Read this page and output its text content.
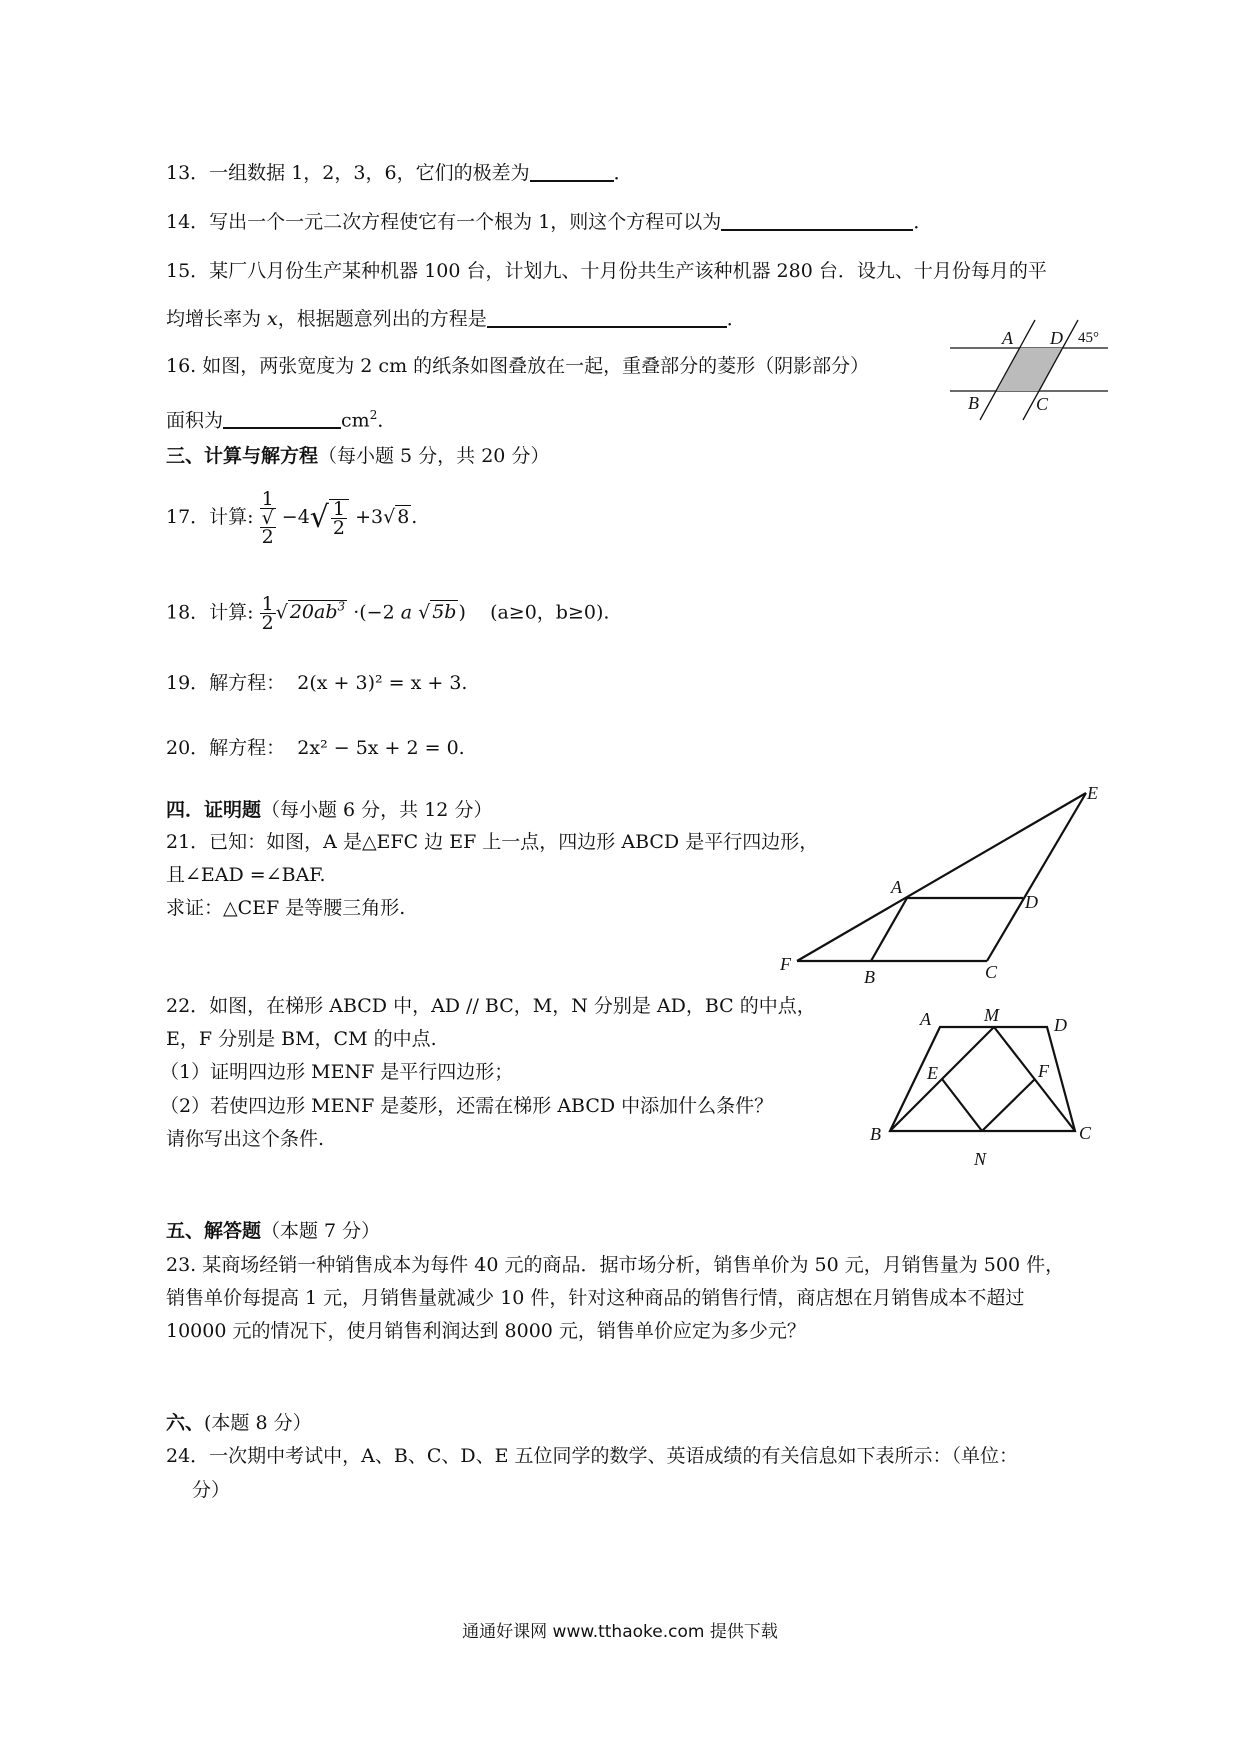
13．一组数据 1，2，3，6，它们的极差为	．
14．写出一个一元二次方程使它有一个根为 1，则这个方程可以为	．
15．某厂八月份生产某种机器 100 台，计划九、十月份共生产该种机器 280 台．设九、十月份每月的平
均增长率为 x，根据题意列出的方程是	．
16. 如图，两张宽度为 2 cm 的纸条如图叠放在一起，重叠部分的菱形（阴影部分）
面积为	$cm^2$．
A D 45°
B	C
三、计算与解方程（每小题 5 分，共 20 分）
17．计算: 1
√
$2 -4√ \frac{1}{2} +3√$ 8 .
18．计算: $\frac{1}{2}$ √ $20ab^3 \cdot(-2$ a √ 5b ) (a≥0，b≥0).
19．解方程： 2(x + 3)² = x + 3.
20．解方程： 2x² − 5x + 2 = 0.
四．证明题（每小题 6 分，共 12 分）
21．已知：如图，A 是△EFC 边 EF 上一点，四边形 ABCD 是平行四边形，
且∠EAD =∠BAF.
求证：△CEF 是等腰三角形.
E
A
D
F
B	C
22．如图，在梯形 ABCD 中，AD // BC，M，N 分别是 AD，BC 的中点，
E，F 分别是 BM，CM 的中点.
（1）证明四边形 MENF 是平行四边形；
（2）若使四边形 MENF 是菱形，还需在梯形 ABCD 中添加什么条件？
请你写出这个条件.
A	M	D
E	F
B	C
N
五、解答题（本题 7 分）
23. 某商场经销一种销售成本为每件 40 元的商品．据市场分析，销售单价为 50 元，月销售量为 500 件，
销售单价每提高 1 元，月销售量就减少 10 件，针对这种商品的销售行情，商店想在月销售成本不超过
10000 元的情况下，使月销售利润达到 8000 元，销售单价应定为多少元？
六、(本题 8 分）
24．一次期中考试中，A、B、C、D、E 五位同学的数学、英语成绩的有关信息如下表所示：（单位：
分）
通通好课网 www.tthaoke.com 提供下载
